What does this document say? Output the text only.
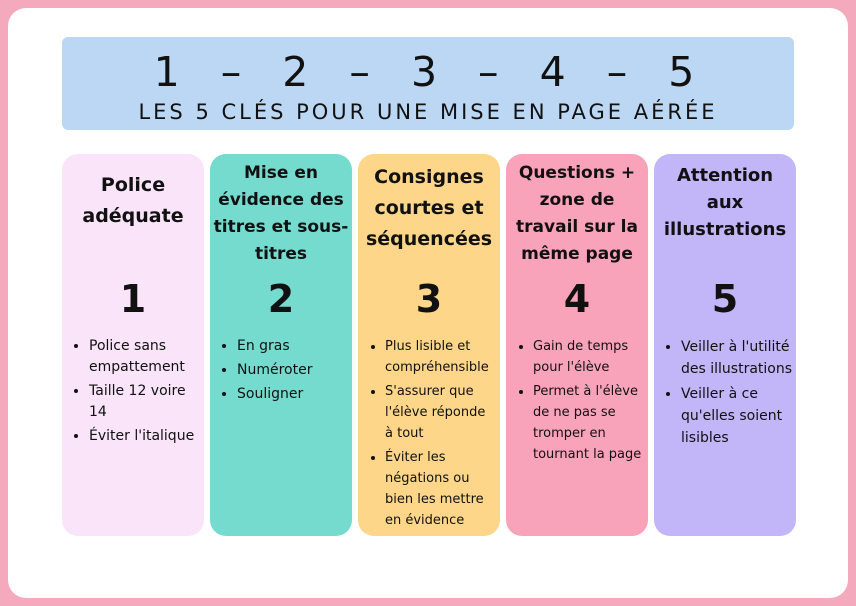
1 – 2 – 3 – 4 – 5
LES 5 CLÉS POUR UNE MISE EN PAGE AÉRÉE
Police adéquate
1
• Police sans empattement
• Taille 12 voire 14
• Éviter l'italique
Mise en évidence des titres et sous-titres
2
• En gras
• Numéroter
• Souligner
Consignes courtes et séquencées
3
• Plus lisible et compréhensible
• S'assurer que l'élève réponde à tout
• Éviter les négations ou bien les mettre en évidence
Questions + zone de travail sur la même page
4
• Gain de temps pour l'élève
• Permet à l'élève de ne pas se tromper en tournant la page
Attention aux illustrations
5
• Veiller à l'utilité des illustrations
• Veiller à ce qu'elles soient lisibles
